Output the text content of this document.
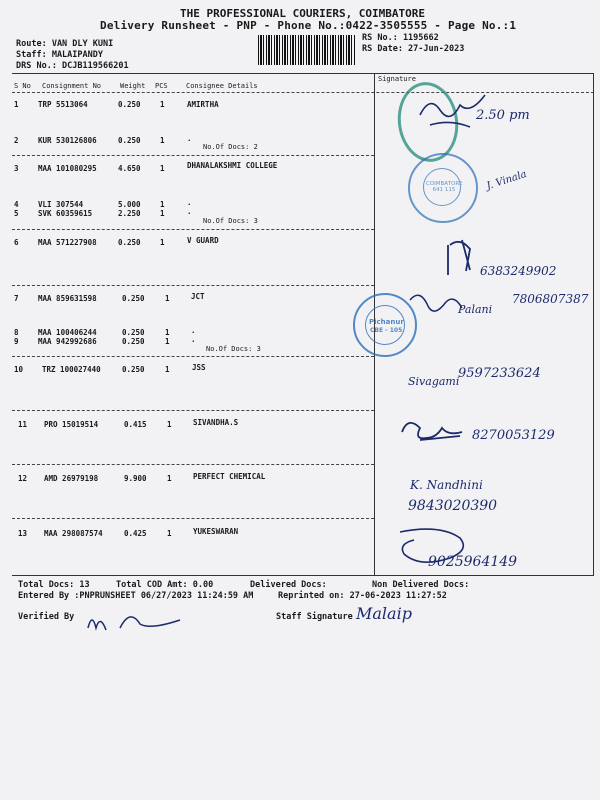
THE PROFESSIONAL COURIERS, COIMBATORE
Delivery Runsheet - PNP - Phone No.:0422-3505555 - Page No.:1
Route: VAN DLY KUNI
Staff: MALAIPANDY
DRS No.: DCJB119566201
RS No.: 1195662
RS Date: 27-Jun-2023
S No Consignment No	Weight PCS	Consignee Details
Signature
1	TRP 5513064	0.250	1	AMIRTHA
2	KUR 530126806	0.250	1	.
No.Of Docs: 2
3	MAA 101080295	4.650	1	DHANALAKSHMI COLLEGE
4	VLI 307544	5.000	1	.
5	SVK 60359615	2.250	1	.
No.Of Docs: 3
6	MAA 571227908	0.250	1	V GUARD
7	MAA 859631598	0.250	1	JCT
8	MAA 100406244	0.250	1	.
9	MAA 942992686	0.250	1	.
No.Of Docs: 3
10	TRZ 100027440	0.250	1	JSS
11 PRO 15019514	0.415	1	SIVANDHA.S
12 AMD 26979198	9.900	1	PERFECT CHEMICAL
13 MAA 298087574	0.425	1	YUKESWARAN
COIMBATORE 641 115
Pichanur
CBE - 105.
2.50 pm
J. Vinala
6383249902
Palani
7806807387
Sivagami
9597233624
8270053129
K. Nandhini
9843020390
9025964149
Total Docs: 13	Total COD Amt: 0.00	Delivered Docs:	Non Delivered Docs:
Entered By :PNPRUNSHEET 06/27/2023 11:24:59 AM	Reprinted on: 27-06-2023 11:27:52
Verified By	Staff Signature Malaip
